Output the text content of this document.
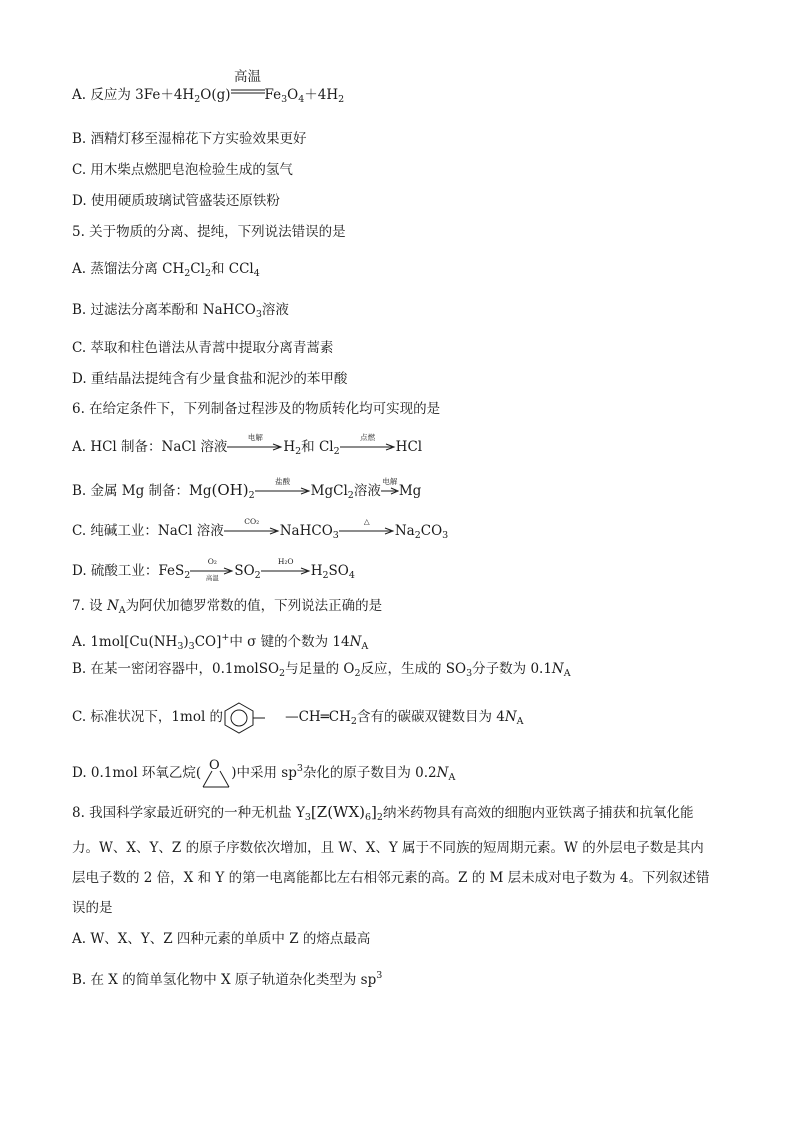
A. 反应为 $3Fe+4H_2O(g)$
高温
$Fe_3O_4+4H_2$
B. 酒精灯移至湿棉花下方实验效果更好
C. 用木柴点燃肥皂泡检验生成的氢气
D. 使用硬质玻璃试管盛装还原铁粉
5. 关于物质的分离、提纯，下列说法错误的是
A. 蒸馏法分离 $CH_2Cl_2$和 CCl$_4$
B. 过滤法分离苯酚和 NaHCO$_3$溶液
C. 萃取和柱色谱法从青蒿中提取分离青蒿素
D. 重结晶法提纯含有少量食盐和泥沙的苯甲酸
6. 在给定条件下，下列制备过程涉及的物质转化均可实现的是
A. HCl 制备：NaCl 溶液
电解
$H_2$和 $Cl_2$
点燃
HCl
B. 金属 Mg 制备：$Mg(OH)_2$
盐酸
MgCl$_2$溶液
电解
Mg
C. 纯碱工业：NaCl 溶液
CO₂
NaHCO$_3$
△
$Na_2CO_3$
D. 硫酸工业：FeS$_2$
O₂
高温	$SO_2$
H₂O
$H_2SO_4$
7. 设 $N_A$为阿伏加德罗常数的值，下列说法正确的是
A. $1mol[Cu(NH_3)_3CO]^+$中 σ 键的个数为 $14N_A$
B. 在某一密闭容器中，0.1molSO$_2$与足量的 $O_2$反应，生成的 $SO_3$分子数为 $0.1N_A$
C. 标准状况下，1mol 的	$—CH═CH_2$含有的碳碳双键数目为 $4N_A$
D. 0.1mol 环氧乙烷( O )中采用 $sp^3$杂化的原子数目为 $0.2N_A$
8. 我国科学家最近研究的一种无机盐 $Y_3[Z(WX)_6]_2$纳米药物具有高效的细胞内亚铁离子捕获和抗氧化能
力。W、X、Y、Z 的原子序数依次增加，且 W、X、Y 属于不同族的短周期元素。W 的外层电子数是其内
层电子数的 2 倍，X 和 Y 的第一电离能都比左右相邻元素的高。Z 的 M 层未成对电子数为 4。下列叙述错
误的是
A. W、X、Y、Z 四种元素的单质中 Z 的熔点最高
B. 在 X 的简单氢化物中 X 原子轨道杂化类型为 $sp^3$
